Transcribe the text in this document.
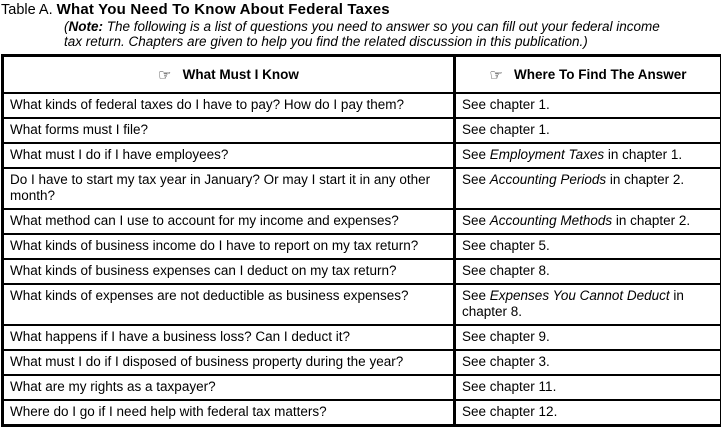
Table A. What You Need To Know About Federal Taxes
(Note: The following is a list of questions you need to answer so you can fill out your federal income tax return. Chapters are given to help you find the related discussion in this publication.)
☞ What Must I Know	☞ Where To Find The Answer
What kinds of federal taxes do I have to pay? How do I pay them?	See chapter 1.
What forms must I file?	See chapter 1.
What must I do if I have employees?	See Employment Taxes in chapter 1.
Do I have to start my tax year in January? Or may I start it in any other month?	See Accounting Periods in chapter 2.
What method can I use to account for my income and expenses?	See Accounting Methods in chapter 2.
What kinds of business income do I have to report on my tax return?	See chapter 5.
What kinds of business expenses can I deduct on my tax return?	See chapter 8.
What kinds of expenses are not deductible as business expenses?	See Expenses You Cannot Deduct in chapter 8.
What happens if I have a business loss? Can I deduct it?	See chapter 9.
What must I do if I disposed of business property during the year?	See chapter 3.
What are my rights as a taxpayer?	See chapter 11.
Where do I go if I need help with federal tax matters?	See chapter 12.
